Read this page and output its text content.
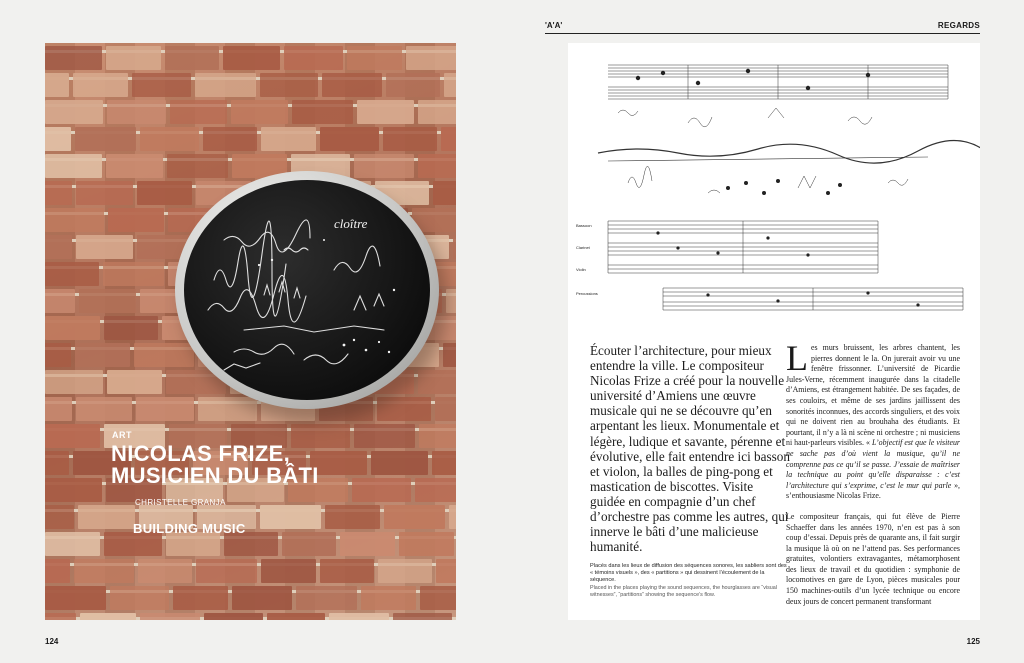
cloître
ART
NICOLAS FRIZE,
MUSICIEN DU BÂTI
CHRISTELLE GRANJA
BUILDING MUSIC
124
'A'A'	REGARDS
Bassoon
Clarinet
Violin
Percussions
Écouter l’architecture, pour mieux entendre la ville. Le compositeur Nicolas Frize a créé pour la nouvelle université d’Amiens une œuvre musicale qui ne se découvre qu’en arpentant les lieux. Monumentale et légère, ludique et savante, pérenne et évolutive, elle fait entendre ici basson et violon, la balles de ping-pong et mastication de biscottes. Visite guidée en compagnie d’un chef d’orchestre pas comme les autres, qui innerve le bâti d’une malicieuse humanité.
Placés dans les lieux de diffusion des séquences sonores, les sabliers sont des « témoins visuels », des « partitions » qui dessinent l’écoulement de la séquence.
Placed in the places playing the sound sequences, the hourglasses are “visual witnesses”, “partitions” showing the sequence’s flow.

Les murs bruissent, les arbres chantent, les pierres donnent le la. On jurerait avoir vu une fenêtre frissonner. L’université de Picardie Jules-Verne, récemment inaugurée dans la citadelle d’Amiens, est étrangement habitée. De ses façades, de ses couloirs, et même de ses jardins jaillissent des sonorités inconnues, des accords singuliers, et des voix qui ne doivent rien au brouhaha des étudiants. Et pourtant, il n’y a là ni scène ni orchestre ; ni musiciens ni haut-parleurs visibles. « L’objectif est que le visiteur ne sache pas d’où vient la musique, qu’il ne comprenne pas ce qu’il se passe. J’essaie de maîtriser la technique au point qu’elle disparaisse : c’est l’architecture qui s’exprime, c’est le mur qui parle », s’enthousiasme Nicolas Frize.

Le compositeur français, qui fut élève de Pierre Schaeffer dans les années 1970, n’en est pas à son coup d’essai. Depuis près de quarante ans, il fait surgir la musique là où on ne l’attend pas. Ses performances gratuites, volontiers extravagantes, métamorphosent des lieux de travail et du quotidien : symphonie de locomotives en gare de Lyon, pièces musicales pour 150 machines-outils d’un lycée technique ou encore deux jours de concert permanent transformant

125
